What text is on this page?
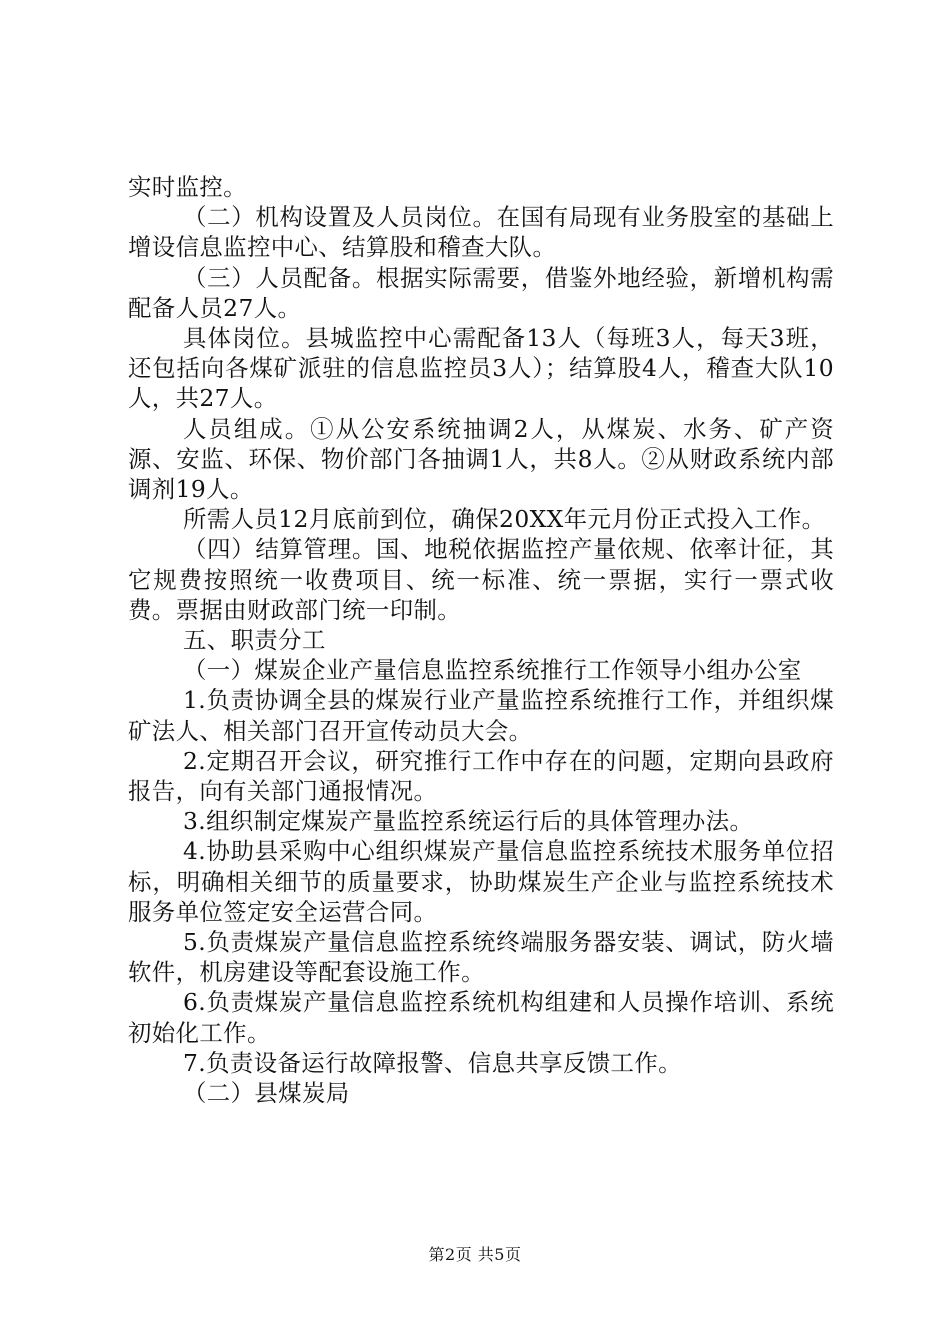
实时监控。

（二）机构设置及人员岗位。在国有局现有业务股室的基础上增设信息监控中心、结算股和稽查大队。

（三）人员配备。根据实际需要，借鉴外地经验，新增机构需配备人员27人。

具体岗位。县城监控中心需配备13人（每班3人，每天3班，还包括向各煤矿派驻的信息监控员3人）；结算股4人，稽查大队10人，共27人。

人员组成。①从公安系统抽调2人，从煤炭、水务、矿产资源、安监、环保、物价部门各抽调1人，共8人。②从财政系统内部调剂19人。

所需人员12月底前到位，确保20XX年元月份正式投入工作。

（四）结算管理。国、地税依据监控产量依规、依率计征，其它规费按照统一收费项目、统一标准、统一票据，实行一票式收费。票据由财政部门统一印制。

五、职责分工

（一）煤炭企业产量信息监控系统推行工作领导小组办公室

1.负责协调全县的煤炭行业产量监控系统推行工作，并组织煤矿法人、相关部门召开宣传动员大会。

2.定期召开会议，研究推行工作中存在的问题，定期向县政府报告，向有关部门通报情况。

3.组织制定煤炭产量监控系统运行后的具体管理办法。

4.协助县采购中心组织煤炭产量信息监控系统技术服务单位招标，明确相关细节的质量要求，协助煤炭生产企业与监控系统技术服务单位签定安全运营合同。

5.负责煤炭产量信息监控系统终端服务器安装、调试，防火墙软件，机房建设等配套设施工作。

6.负责煤炭产量信息监控系统机构组建和人员操作培训、系统初始化工作。

7.负责设备运行故障报警、信息共享反馈工作。

（二）县煤炭局

第2页 共5页
